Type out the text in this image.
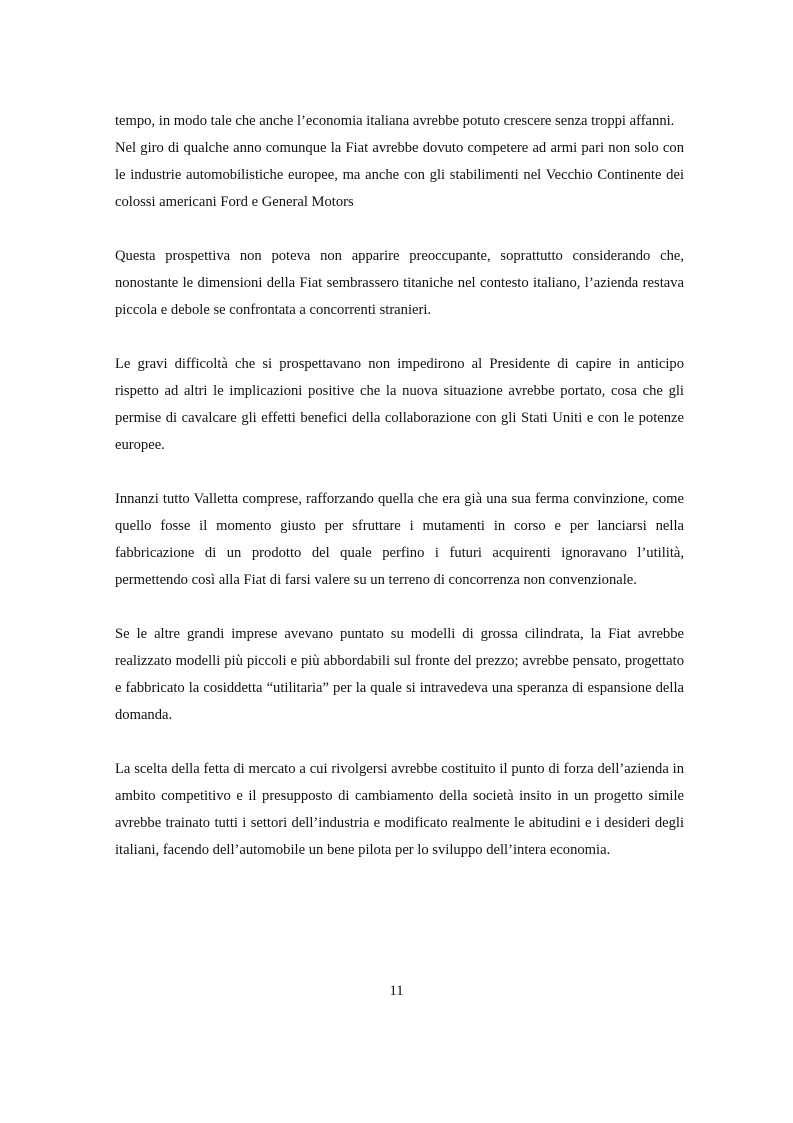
tempo, in modo tale che anche l’economia italiana avrebbe potuto crescere senza troppi affanni.

Nel giro di qualche anno comunque la Fiat avrebbe dovuto competere ad armi pari non solo con le industrie automobilistiche europee, ma anche con gli stabilimenti nel Vecchio Continente dei colossi americani Ford e General Motors

Questa prospettiva non poteva non apparire preoccupante, soprattutto considerando che, nonostante le dimensioni della Fiat sembrassero titaniche nel contesto italiano, l’azienda restava piccola e debole se confrontata a concorrenti stranieri.

Le gravi difficoltà che si prospettavano non impedirono al Presidente di capire in anticipo rispetto ad altri le implicazioni positive che la nuova situazione avrebbe portato, cosa che gli permise di cavalcare gli effetti benefici della collaborazione con gli Stati Uniti e con le potenze europee.

Innanzi tutto Valletta comprese, rafforzando quella che era già una sua ferma convinzione, come quello fosse il momento giusto per sfruttare i mutamenti in corso e per lanciarsi nella fabbricazione di un prodotto del quale perfino i futuri acquirenti ignoravano l’utilità, permettendo così alla Fiat di farsi valere su un terreno di concorrenza non convenzionale.

Se le altre grandi imprese avevano puntato su modelli di grossa cilindrata, la Fiat avrebbe realizzato modelli più piccoli e più abbordabili sul fronte del prezzo; avrebbe pensato, progettato e fabbricato la cosiddetta “utilitaria” per la quale si intravedeva una speranza di espansione della domanda.

La scelta della fetta di mercato a cui rivolgersi avrebbe costituito il punto di forza dell’azienda in ambito competitivo e il presupposto di cambiamento della società insito in un progetto simile avrebbe trainato tutti i settori dell’industria e modificato realmente le abitudini e i desideri degli italiani, facendo dell’automobile un bene pilota per lo sviluppo dell’intera economia.

11
